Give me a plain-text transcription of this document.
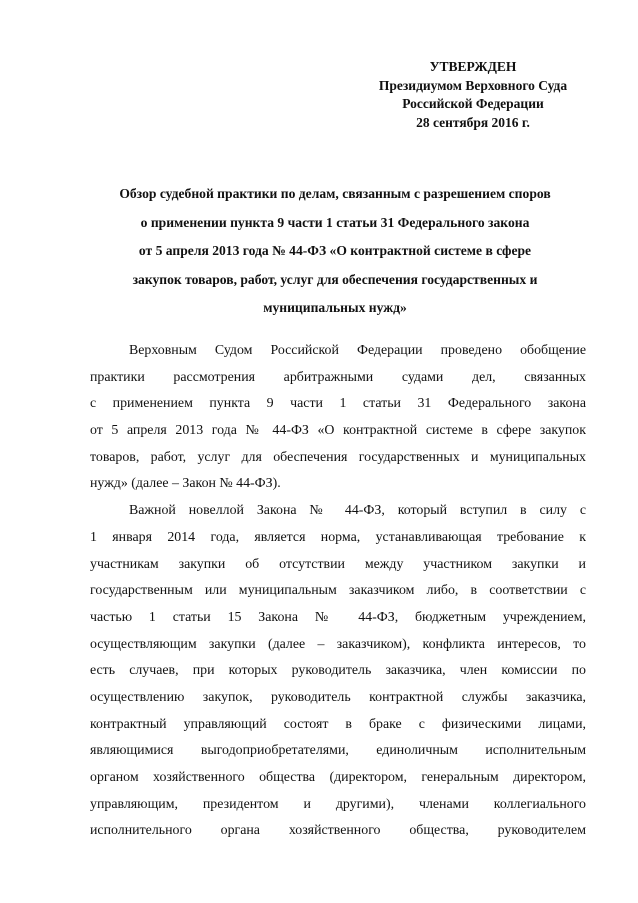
УТВЕРЖДЕН
Президиумом Верховного Суда
Российской Федерации
28 сентября 2016 г.
Обзор судебной практики по делам, связанным с разрешением споров
о применении пункта 9 части 1 статьи 31 Федерального закона
от 5 апреля 2013 года № 44-ФЗ «О контрактной системе в сфере
закупок товаров, работ, услуг для обеспечения государственных и
муниципальных нужд»
Верховным Судом Российской Федерации проведено обобщение
практики рассмотрения арбитражными судами дел, связанных
с применением пункта 9 части 1 статьи 31 Федерального закона
от 5 апреля 2013 года № 44-ФЗ «О контрактной системе в сфере закупок
товаров, работ, услуг для обеспечения государственных и муниципальных
нужд» (далее – Закон № 44-ФЗ).
Важной новеллой Закона № 44-ФЗ, который вступил в силу с
1 января 2014 года, является норма, устанавливающая требование к
участникам закупки об отсутствии между участником закупки и
государственным или муниципальным заказчиком либо, в соответствии с
частью 1 статьи 15 Закона № 44-ФЗ, бюджетным учреждением,
осуществляющим закупки (далее – заказчиком), конфликта интересов, то
есть случаев, при которых руководитель заказчика, член комиссии по
осуществлению закупок, руководитель контрактной службы заказчика,
контрактный управляющий состоят в браке с физическими лицами,
являющимися выгодоприобретателями, единоличным исполнительным
органом хозяйственного общества (директором, генеральным директором,
управляющим, президентом и другими), членами коллегиального
исполнительного органа хозяйственного общества, руководителем
